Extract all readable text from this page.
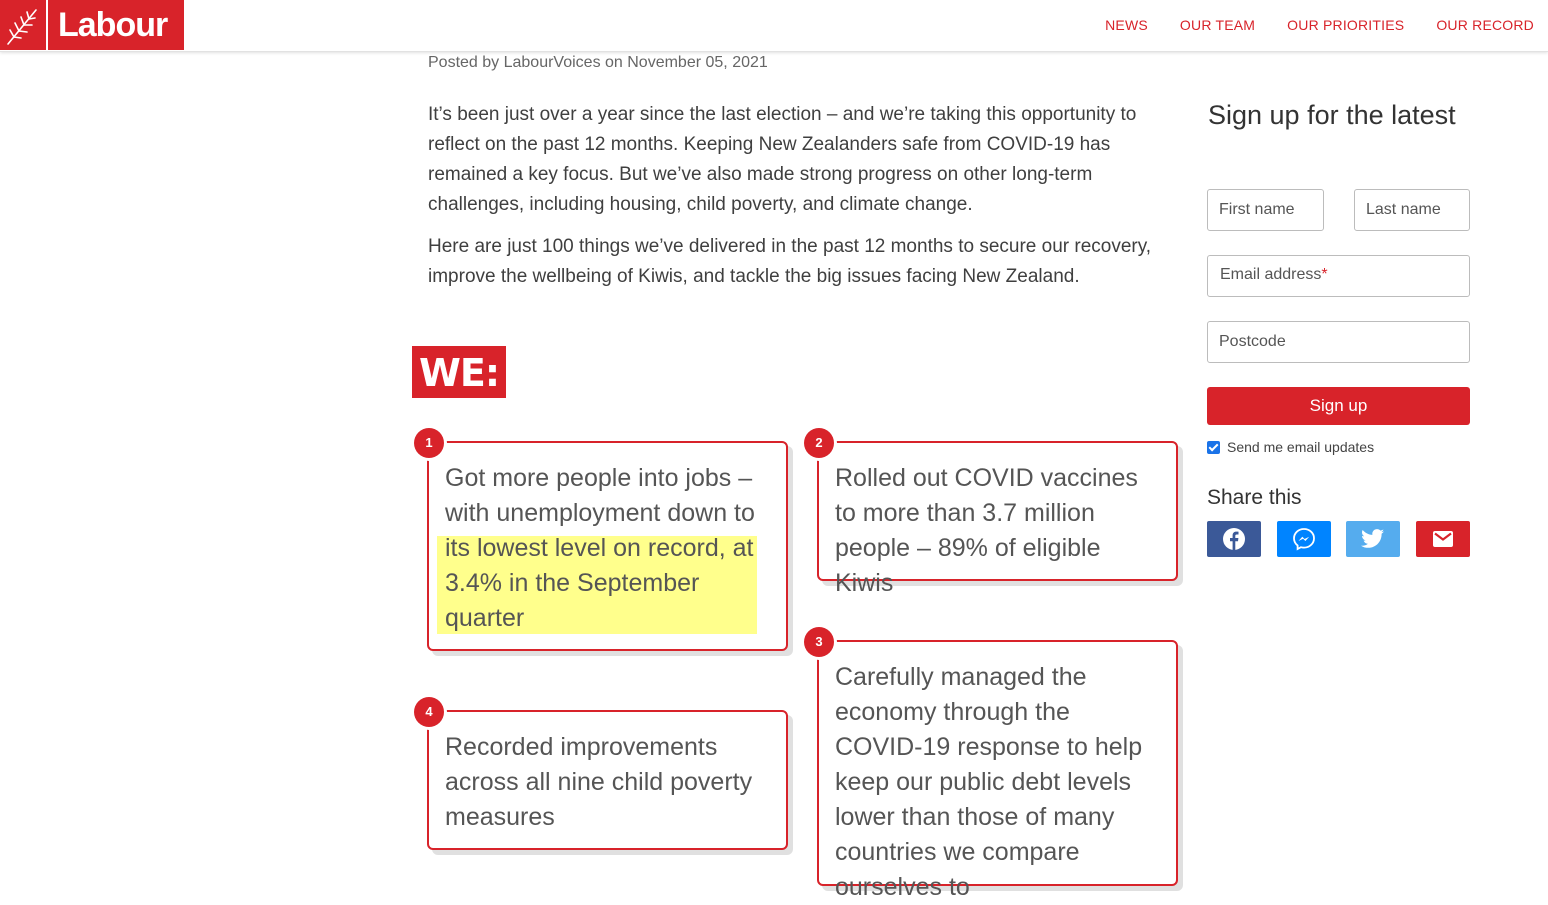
Labour	NEWS OUR TEAM OUR PRIORITIES OUR RECORD
Posted by LabourVoices on November 05, 2021

It’s been just over a year since the last election – and we’re taking this opportunity to reflect on the past 12 months. Keeping New Zealanders safe from COVID-19 has remained a key focus. But we’ve also made strong progress on other long-term challenges, including housing, child poverty, and climate change.

Here are just 100 things we’ve delivered in the past 12 months to secure our recovery, improve the wellbeing of Kiwis, and tackle the big issues facing New Zealand.

WE:

Got more people into jobs – with unemployment down to its lowest level on record, at 3.4% in the September quarter

1

Rolled out COVID vaccines to more than 3.7 million people – 89% of eligible Kiwis

2

Carefully managed the economy through the COVID-19 response to help keep our public debt levels lower than those of many countries we compare ourselves to

3

Recorded improvements across all nine child poverty measures

4
Sign up for the latest
First name
Last name
Email address*
Postcode
Sign up
Send me email updates
Share this
